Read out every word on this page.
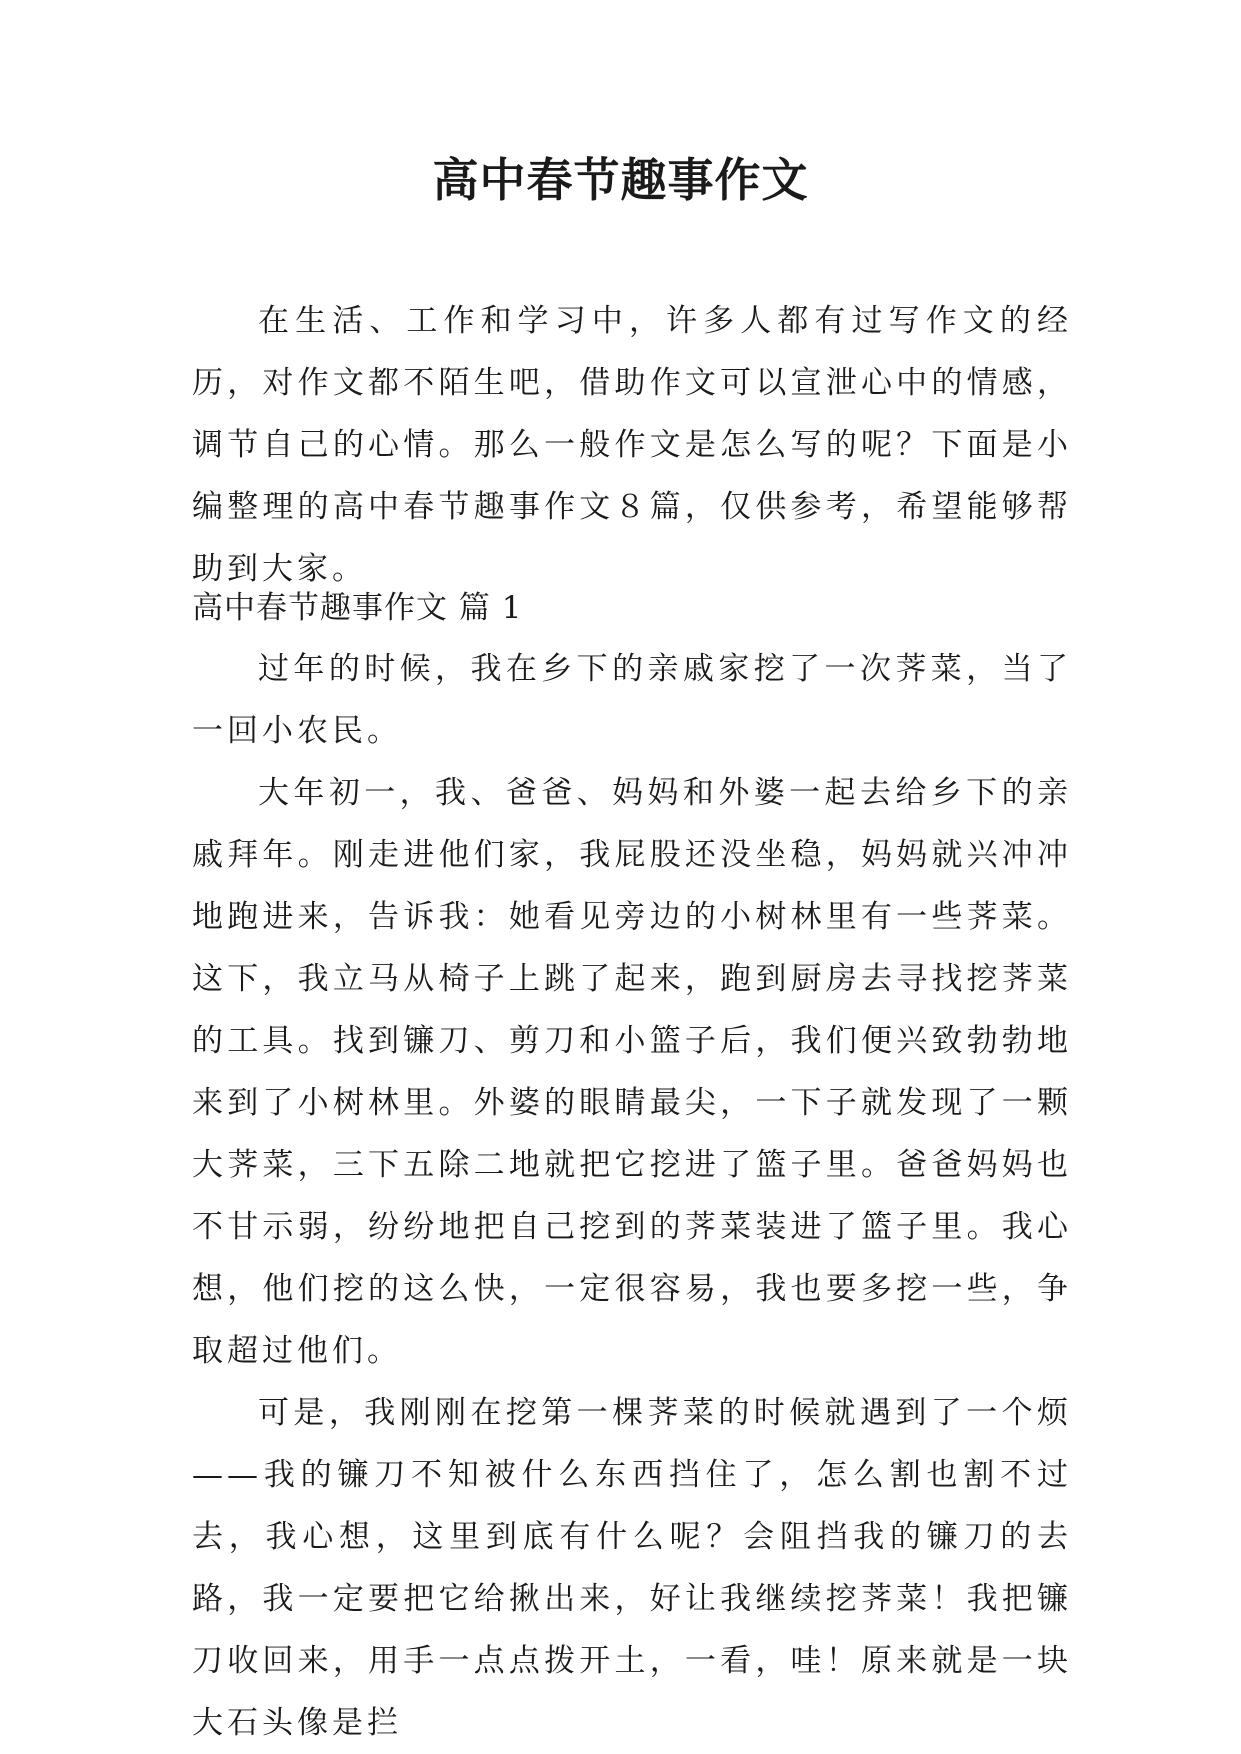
高中春节趣事作文

在生活、工作和学习中，许多人都有过写作文的经历，对作文都不陌生吧，借助作文可以宣泄心中的情感，调节自己的心情。那么一般作文是怎么写的呢？下面是小编整理的高中春节趣事作文８篇，仅供参考，希望能够帮助到大家。

高中春节趣事作文 篇 1

过年的时候，我在乡下的亲戚家挖了一次荠菜，当了一回小农民。

大年初一，我、爸爸、妈妈和外婆一起去给乡下的亲戚拜年。刚走进他们家，我屁股还没坐稳，妈妈就兴冲冲地跑进来，告诉我：她看见旁边的小树林里有一些荠菜。这下，我立马从椅子上跳了起来，跑到厨房去寻找挖荠菜的工具。找到镰刀、剪刀和小篮子后，我们便兴致勃勃地来到了小树林里。外婆的眼睛最尖，一下子就发现了一颗大荠菜，三下五除二地就把它挖进了篮子里。爸爸妈妈也不甘示弱，纷纷地把自己挖到的荠菜装进了篮子里。我心想，他们挖的这么快，一定很容易，我也要多挖一些，争取超过他们。

可是，我刚刚在挖第一棵荠菜的时候就遇到了一个烦——我的镰刀不知被什么东西挡住了，怎么割也割不过去，我心想，这里到底有什么呢？会阻挡我的镰刀的去路，我一定要把它给揪出来，好让我继续挖荠菜！我把镰刀收回来，用手一点点拨开土，一看，哇！原来就是一块大石头像是拦
